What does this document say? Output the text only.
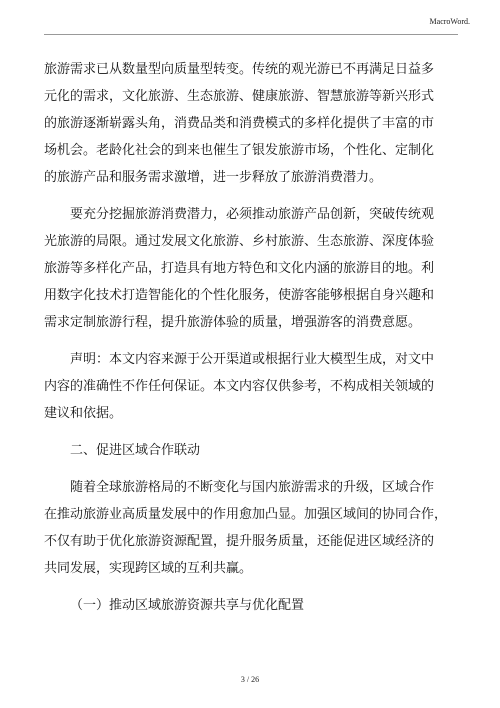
MacroWord.

旅游需求已从数量型向质量型转变。传统的观光游已不再满足日益多
元化的需求，文化旅游、生态旅游、健康旅游、智慧旅游等新兴形式
的旅游逐渐崭露头角，消费品类和消费模式的多样化提供了丰富的市
场机会。老龄化社会的到来也催生了银发旅游市场，个性化、定制化
的旅游产品和服务需求激增，进一步释放了旅游消费潜力。

要充分挖掘旅游消费潜力，必须推动旅游产品创新，突破传统观
光旅游的局限。通过发展文化旅游、乡村旅游、生态旅游、深度体验
旅游等多样化产品，打造具有地方特色和文化内涵的旅游目的地。利
用数字化技术打造智能化的个性化服务，使游客能够根据自身兴趣和
需求定制旅游行程，提升旅游体验的质量，增强游客的消费意愿。

声明：本文内容来源于公开渠道或根据行业大模型生成，对文中
内容的准确性不作任何保证。本文内容仅供参考，不构成相关领域的
建议和依据。

二、促进区域合作联动

随着全球旅游格局的不断变化与国内旅游需求的升级，区域合作
在推动旅游业高质量发展中的作用愈加凸显。加强区域间的协同合作，
不仅有助于优化旅游资源配置，提升服务质量，还能促进区域经济的
共同发展，实现跨区域的互利共赢。

（一）推动区域旅游资源共享与优化配置

3 / 26
